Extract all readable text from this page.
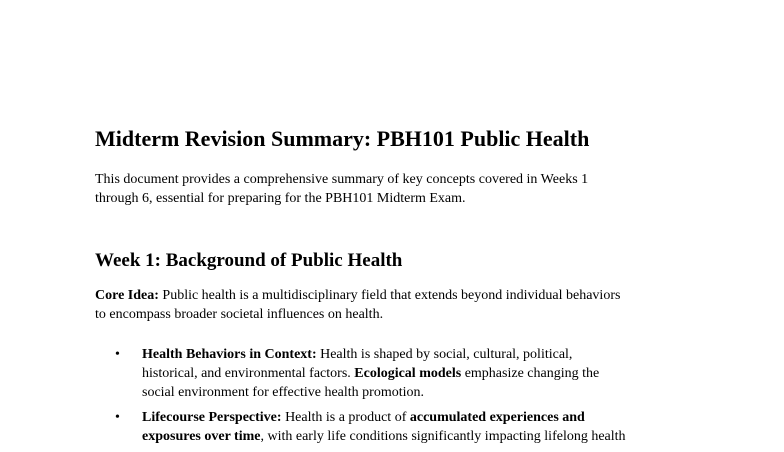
Midterm Revision Summary: PBH101 Public Health

This document provides a comprehensive summary of key concepts covered in Weeks 1
through 6, essential for preparing for the PBH101 Midterm Exam.

Week 1: Background of Public Health

Core Idea: Public health is a multidisciplinary field that extends beyond individual behaviors
to encompass broader societal influences on health.

• Health Behaviors in Context: Health is shaped by social, cultural, political,
historical, and environmental factors. Ecological models emphasize changing the
social environment for effective health promotion.
• Lifecourse Perspective: Health is a product of accumulated experiences and
exposures over time, with early life conditions significantly impacting lifelong health
